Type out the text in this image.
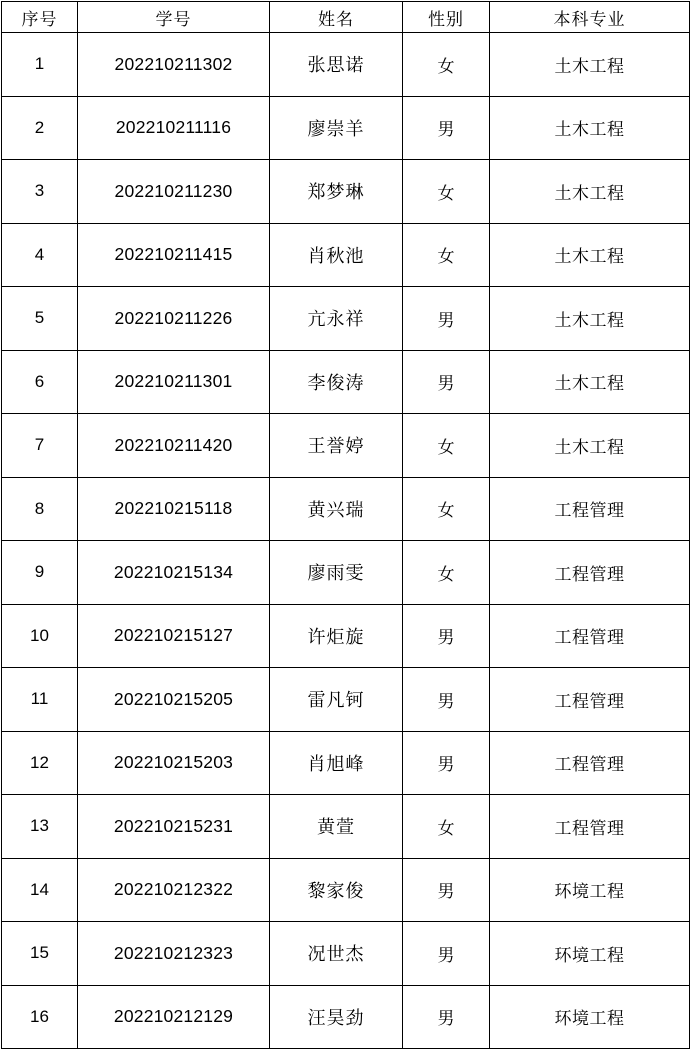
序号	学号	姓名	性别	本科专业
1	202210211302	张思诺	女	土木工程
2	202210211116	廖崇羊	男	土木工程
3	202210211230	郑梦琳	女	土木工程
4	202210211415	肖秋池	女	土木工程
5	202210211226	亢永祥	男	土木工程
6	202210211301	李俊涛	男	土木工程
7	202210211420	王誉婷	女	土木工程
8	202210215118	黄兴瑞	女	工程管理
9	202210215134	廖雨雯	女	工程管理
10	202210215127	许炬旋	男	工程管理
11	202210215205	雷凡钶	男	工程管理
12	202210215203	肖旭峰	男	工程管理
13	202210215231	黄萱	女	工程管理
14	202210212322	黎家俊	男	环境工程
15	202210212323	况世杰	男	环境工程
16	202210212129	汪昊劲	男	环境工程
